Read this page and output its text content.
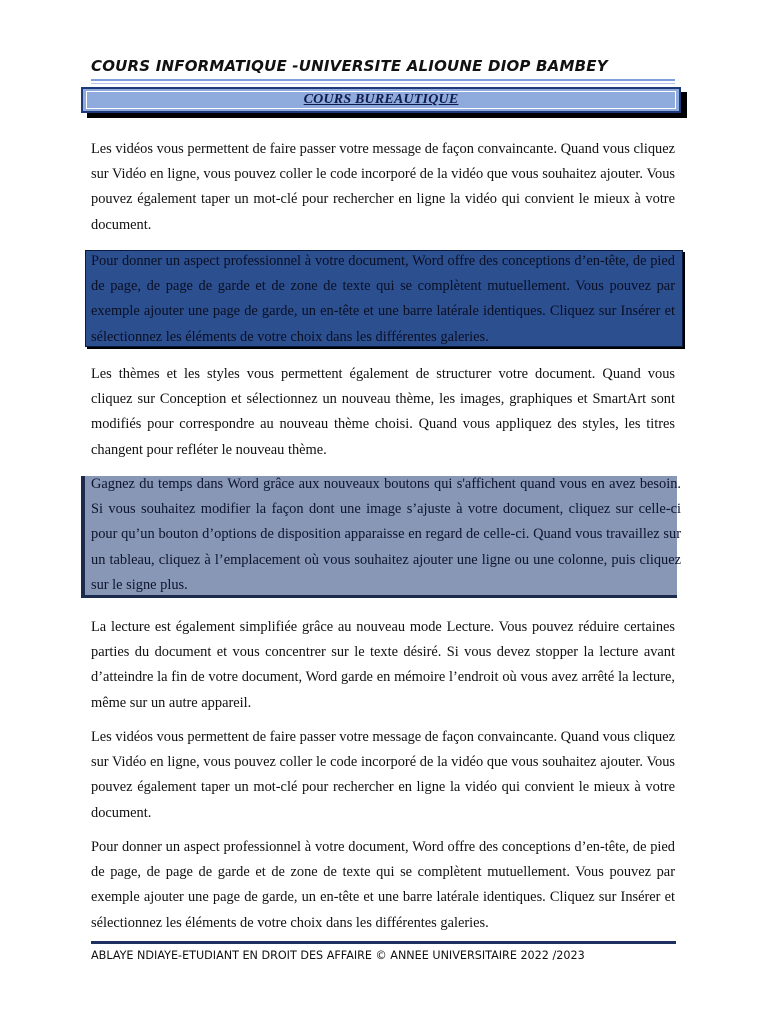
COURS INFORMATIQUE -UNIVERSITE ALIOUNE DIOP BAMBEY
COURS BUREAUTIQUE

Les vidéos vous permettent de faire passer votre message de façon convaincante. Quand vous cliquez sur Vidéo en ligne, vous pouvez coller le code incorporé de la vidéo que vous souhaitez ajouter. Vous pouvez également taper un mot-clé pour rechercher en ligne la vidéo qui convient le mieux à votre document.

Pour donner un aspect professionnel à votre document, Word offre des conceptions d’en-tête, de pied de page, de page de garde et de zone de texte qui se complètent mutuellement. Vous pouvez par exemple ajouter une page de garde, un en-tête et une barre latérale identiques. Cliquez sur Insérer et sélectionnez les éléments de votre choix dans les différentes galeries.

Les thèmes et les styles vous permettent également de structurer votre document. Quand vous cliquez sur Conception et sélectionnez un nouveau thème, les images, graphiques et SmartArt sont modifiés pour correspondre au nouveau thème choisi. Quand vous appliquez des styles, les titres changent pour refléter le nouveau thème.

Gagnez du temps dans Word grâce aux nouveaux boutons qui s'affichent quand vous en avez besoin. Si vous souhaitez modifier la façon dont une image s’ajuste à votre document, cliquez sur celle-ci pour qu’un bouton d’options de disposition apparaisse en regard de celle-ci. Quand vous travaillez sur un tableau, cliquez à l’emplacement où vous souhaitez ajouter une ligne ou une colonne, puis cliquez sur le signe plus.

La lecture est également simplifiée grâce au nouveau mode Lecture. Vous pouvez réduire certaines parties du document et vous concentrer sur le texte désiré. Si vous devez stopper la lecture avant d’atteindre la fin de votre document, Word garde en mémoire l’endroit où vous avez arrêté la lecture, même sur un autre appareil.

Les vidéos vous permettent de faire passer votre message de façon convaincante. Quand vous cliquez sur Vidéo en ligne, vous pouvez coller le code incorporé de la vidéo que vous souhaitez ajouter. Vous pouvez également taper un mot-clé pour rechercher en ligne la vidéo qui convient le mieux à votre document.

Pour donner un aspect professionnel à votre document, Word offre des conceptions d’en-tête, de pied de page, de page de garde et de zone de texte qui se complètent mutuellement. Vous pouvez par exemple ajouter une page de garde, un en-tête et une barre latérale identiques. Cliquez sur Insérer et sélectionnez les éléments de votre choix dans les différentes galeries.

ABLAYE NDIAYE-ETUDIANT EN DROIT DES AFFAIRE © ANNEE UNIVERSITAIRE 2022 /2023
